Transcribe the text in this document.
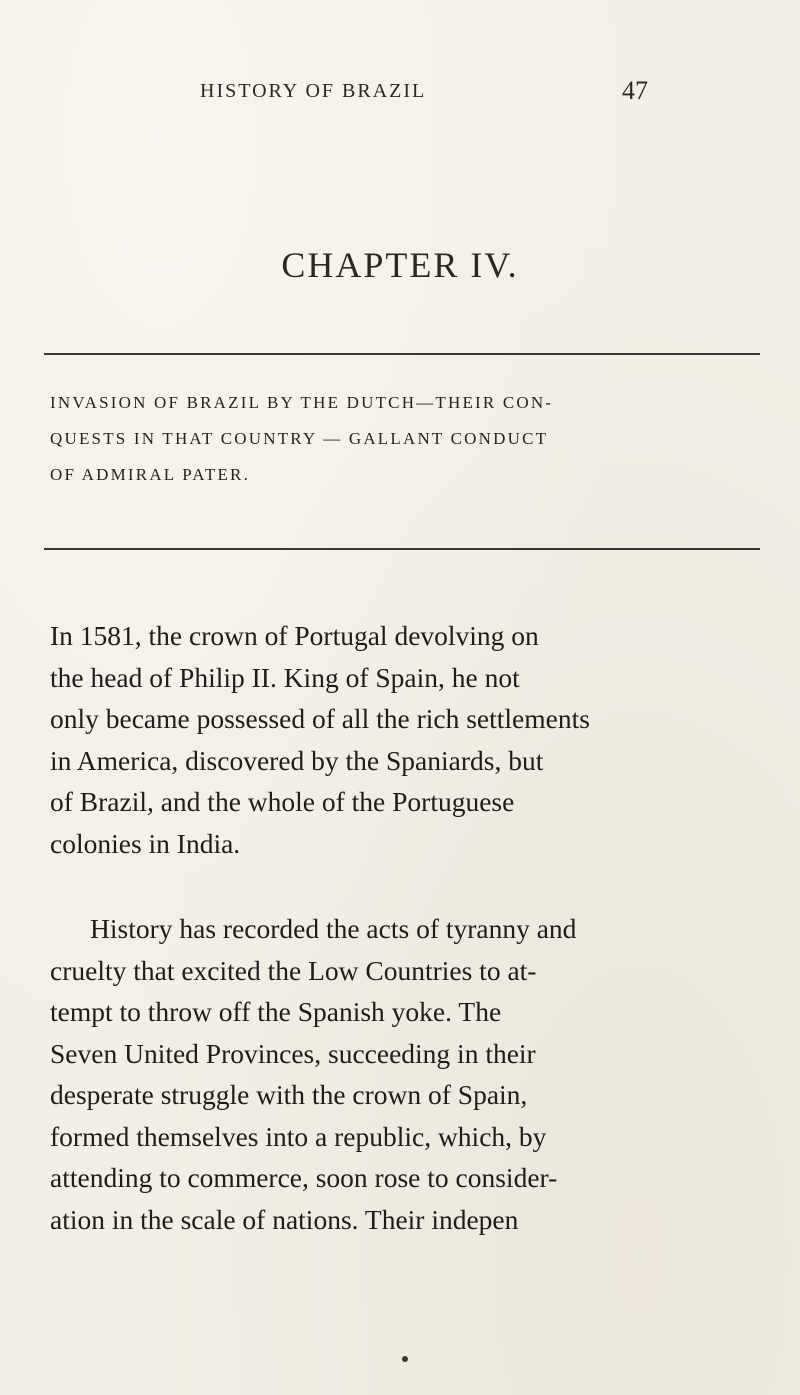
HISTORY OF BRAZIL	47
CHAPTER IV.
INVASION OF BRAZIL BY THE DUTCH—THEIR CON-
QUESTS IN THAT COUNTRY — GALLANT CONDUCT
OF ADMIRAL PATER.
In 1581, the crown of Portugal devolving on
the head of Philip II. King of Spain, he not
only became possessed of all the rich settlements
in America, discovered by the Spaniards, but
of Brazil, and the whole of the Portuguese
colonies in India.
History has recorded the acts of tyranny and
cruelty that excited the Low Countries to at-
tempt to throw off the Spanish yoke. The
Seven United Provinces, succeeding in their
desperate struggle with the crown of Spain,
formed themselves into a republic, which, by
attending to commerce, soon rose to consider-
ation in the scale of nations. Their indepen
